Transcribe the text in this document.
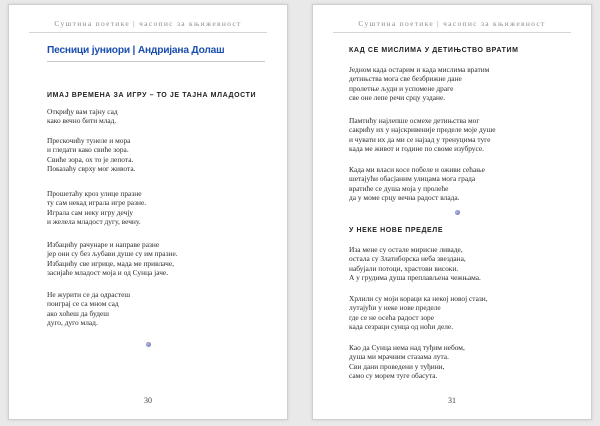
Суштина поетике | часопис за књижевност
Песници јуниори | Андријана Долаш
ИМАЈ ВРЕМЕНА ЗА ИГРУ – ТО ЈЕ ТАЈНА МЛАДОСТИ
Откриђу вам тајну сад
како вечно бити млад.
Прескочићу тунеле и мора
и гледати како свиће зора.
Свиће зора, ох то је лепота.
Показаћу сврху мог живота.
Прошетаћу кроз улице празне
ту сам некад играла игре разне.
Играла сам неку игру дечју
и желела младост дугу, вечну.
Избацићу рачунаре и направе разне
јер они су без љубави душе су им празне.
Избацићу све игрице, мада ме привлаче,
засијаће младост моја и од Сунца јаче.
Не журити се да одрастеш
поиграј се са мном сад
ако хоћеш да будеш
дуго, дуго млад.
30
Суштина поетике | часопис за књижевност
КАД СЕ МИСЛИМА У ДЕТИЊСТВО ВРАТИМ
Једном када остарим и када мислима вратим
детињства мога све безбрижне дане
пролетње људи и успомене драге
све оне лепе речи срцу уздане.
Памтићу најлепше осмехе детињства мог
сакрићу их у најскривеније пределе моје душе
и чувати их да ми се најзад у тренуцима туге
када ме живот и године по своме изубрусе.
Када ми власи косе побеле и оживи сећање
шетајући обасјаним улицама мога града
вратиће се душа моја у пролеће
да у моме срцу вечна радост влада.
У НЕКЕ НОВЕ ПРЕДЕЛЕ
Иза мене су остале мирисне ливаде,
остала су Златиборска неба звездана,
набујали потоци, храстови високи.
А у грудима душа преплављена чежњама.
Хрлили су моји кораци ка некој новој стази,
лутајући у неке нове пределе
где се не осећа радост зоре
када сезраци сунца од ноћи деле.
Као да Сунца нема над туђим небом,
душа ми мрачним стазама лута.
Сви дани проведени у туђини,
само су морем туге обасута.
31
